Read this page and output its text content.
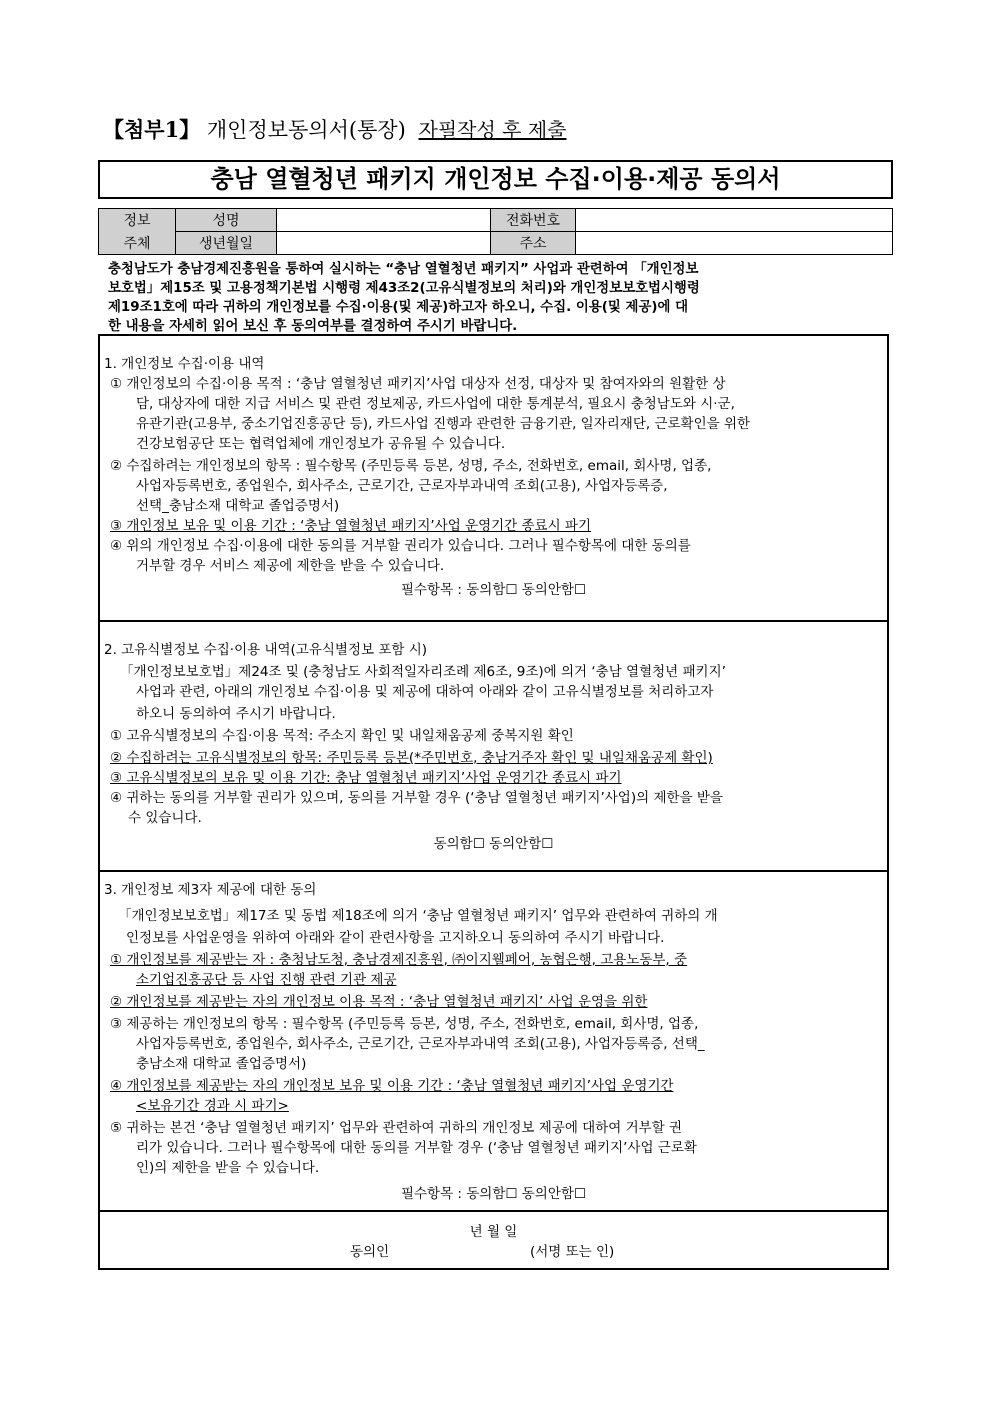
【첨부1】 개인정보동의서(통장) 자필작성 후 제출
충남 열혈청년 패키지 개인정보 수집·이용·제공 동의서
정보	성명		전화번호	
주체	생년월일		주소	
충청남도가 충남경제진흥원을 통하여 실시하는 “충남 열혈청년 패키지” 사업과 관련하여 「개인정보
보호법」제15조 및 고용정책기본법 시행령 제43조2(고유식별정보의 처리)와 개인정보보호법시행령
제19조1호에 따라 귀하의 개인정보를 수집·이용(및 제공)하고자 하오니, 수집. 이용(및 제공)에 대
한 내용을 자세히 읽어 보신 후 동의여부를 결정하여 주시기 바랍니다.
1. 개인정보 수집·이용 내역
① 개인정보의 수집·이용 목적 : ‘충남 열혈청년 패키지’사업 대상자 선정, 대상자 및 참여자와의 원활한 상
담, 대상자에 대한 지급 서비스 및 관련 정보제공, 카드사업에 대한 통계분석, 필요시 충청남도와 시·군,
유관기관(고용부, 중소기업진흥공단 등), 카드사업 진행과 관련한 금융기관, 일자리재단, 근로확인을 위한
건강보험공단 또는 협력업체에 개인정보가 공유될 수 있습니다.
② 수집하려는 개인정보의 항목 : 필수항목 (주민등록 등본, 성명, 주소, 전화번호, email, 회사명, 업종,
사업자등록번호, 종업원수, 회사주소, 근로기간, 근로자부과내역 조회(고용), 사업자등록증,
선택_충남소재 대학교 졸업증명서)
③ 개인정보 보유 및 이용 기간 : ‘충남 열혈청년 패키지’사업 운영기간 종료시 파기
④ 위의 개인정보 수집·이용에 대한 동의를 거부할 권리가 있습니다. 그러나 필수항목에 대한 동의를
거부할 경우 서비스 제공에 제한을 받을 수 있습니다.
필수항목 : 동의함☐ 동의안함☐
2. 고유식별정보 수집·이용 내역(고유식별정보 포함 시)
「개인정보보호법」제24조 및 (충청남도 사회적일자리조례 제6조, 9조)에 의거 ‘충남 열혈청년 패키지’
사업과 관련, 아래의 개인정보 수집·이용 및 제공에 대하여 아래와 같이 고유식별정보를 처리하고자
하오니 동의하여 주시기 바랍니다.
① 고유식별정보의 수집·이용 목적: 주소지 확인 및 내일채움공제 중복지원 확인
② 수집하려는 고유식별정보의 항목: 주민등록 등본(*주민번호, 충남거주자 확인 및 내일채움공제 확인)
③ 고유식별정보의 보유 및 이용 기간: 충남 열혈청년 패키지’사업 운영기간 종료시 파기
④ 귀하는 동의를 거부할 권리가 있으며, 동의를 거부할 경우 (‘충남 열혈청년 패키지’사업)의 제한을 받을
수 있습니다.
동의함☐ 동의안함☐
3. 개인정보 제3자 제공에 대한 동의
「개인정보보호법」제17조 및 동법 제18조에 의거 ‘충남 열혈청년 패키지’ 업무와 관련하여 귀하의 개
인정보를 사업운영을 위하여 아래와 같이 관련사항을 고지하오니 동의하여 주시기 바랍니다.
① 개인정보를 제공받는 자 : 충청남도청, 충남경제진흥원, ㈜이지웰페어, 농협은행, 고용노동부, 중
소기업진흥공단 등 사업 진행 관련 기관 제공
② 개인정보를 제공받는 자의 개인정보 이용 목적 : ‘충남 열혈청년 패키지’ 사업 운영을 위한
③ 제공하는 개인정보의 항목 : 필수항목 (주민등록 등본, 성명, 주소, 전화번호, email, 회사명, 업종,
사업자등록번호, 종업원수, 회사주소, 근로기간, 근로자부과내역 조회(고용), 사업자등록증, 선택_
충남소재 대학교 졸업증명서)
④ 개인정보를 제공받는 자의 개인정보 보유 및 이용 기간 : ‘충남 열혈청년 패키지’사업 운영기간
<보유기간 경과 시 파기>
⑤ 귀하는 본건 ‘충남 열혈청년 패키지’ 업무와 관련하여 귀하의 개인정보 제공에 대하여 거부할 권
리가 있습니다. 그러나 필수항목에 대한 동의를 거부할 경우 (‘충남 열혈청년 패키지’사업 근로확
인)의 제한을 받을 수 있습니다.
필수항목 : 동의함☐ 동의안함☐
년 월 일
동의인	(서명 또는 인)
